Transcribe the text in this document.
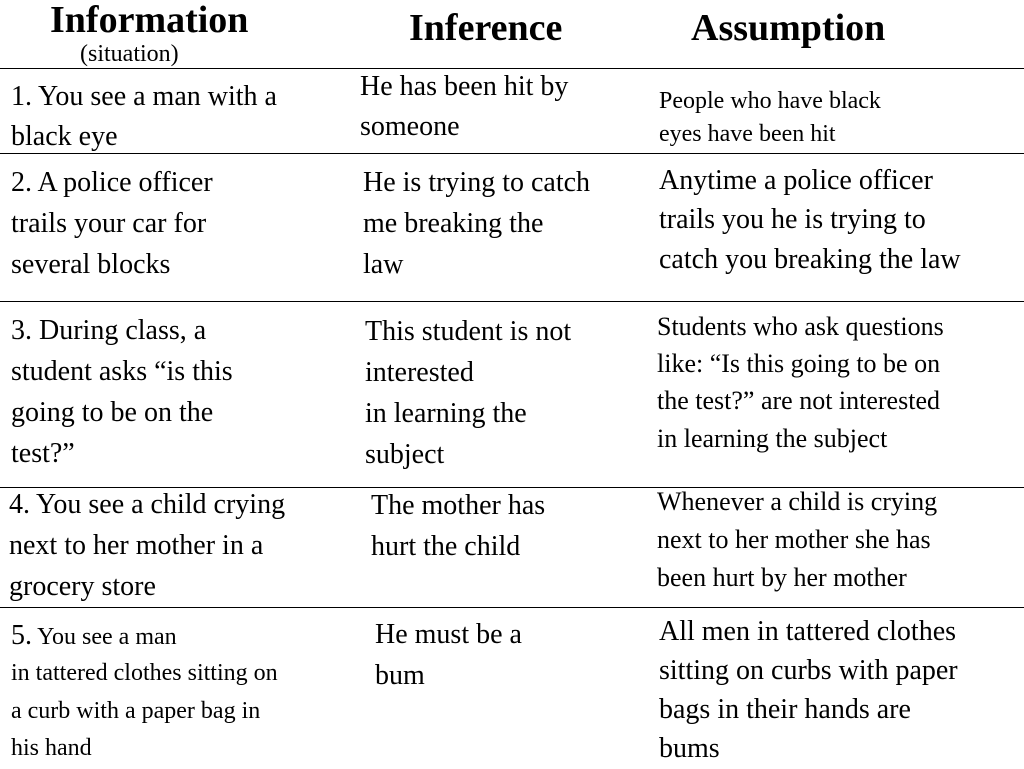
Information
(situation)
Inference	Assumption
1. You see a man with a
black eye
He has been hit by
someone
People who have black
eyes have been hit
2. A police officer
trails your car for
several blocks
He is trying to catch
me breaking the
law
Anytime a police officer
trails you he is trying to
catch you breaking the law
3. During class, a
student asks “is this
going to be on the
test?”
This student is not
interested
in learning the
subject
Students who ask questions
like: “Is this going to be on
the test?” are not interested
in learning the subject
4. You see a child crying
next to her mother in a
grocery store
The mother has
hurt the child
Whenever a child is crying
next to her mother she has
been hurt by her mother
5. You see a man
in tattered clothes sitting on
a curb with a paper bag in
his hand
He must be a
bum
All men in tattered clothes
sitting on curbs with paper
bags in their hands are
bums
